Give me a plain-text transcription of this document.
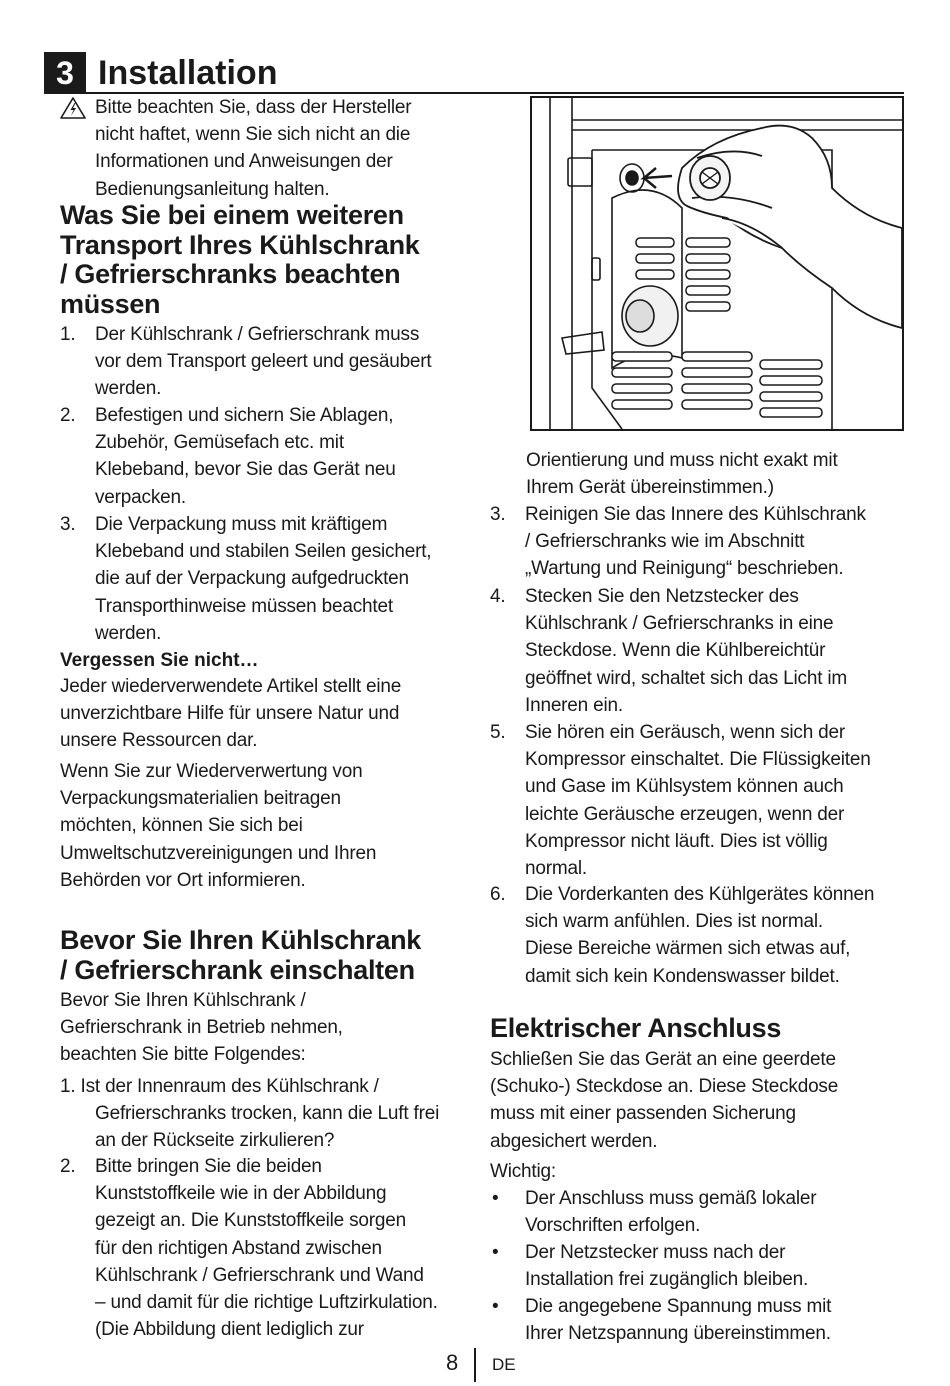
3 Installation
Bitte beachten Sie, dass der Hersteller
nicht haftet, wenn Sie sich nicht an die
Informationen und Anweisungen der
Bedienungsanleitung halten.
Was Sie bei einem weiteren
Transport Ihres Kühlschrank
/ Gefrierschranks beachten
müssen
1. Der Kühlschrank / Gefrierschrank muss
vor dem Transport geleert und gesäubert
werden.
2. Befestigen und sichern Sie Ablagen,
Zubehör, Gemüsefach etc. mit
Klebeband, bevor Sie das Gerät neu
verpacken.
3. Die Verpackung muss mit kräftigem
Klebeband und stabilen Seilen gesichert,
die auf der Verpackung aufgedruckten
Transporthinweise müssen beachtet
werden.
Vergessen Sie nicht…
Jeder wiederverwendete Artikel stellt eine
unverzichtbare Hilfe für unsere Natur und
unsere Ressourcen dar.
Wenn Sie zur Wiederverwertung von
Verpackungsmaterialien beitragen
möchten, können Sie sich bei
Umweltschutzvereinigungen und Ihren
Behörden vor Ort informieren.
Bevor Sie Ihren Kühlschrank
/ Gefrierschrank einschalten
Bevor Sie Ihren Kühlschrank /
Gefrierschrank in Betrieb nehmen,
beachten Sie bitte Folgendes:
1. Ist der Innenraum des Kühlschrank /
Gefrierschranks trocken, kann die Luft frei
an der Rückseite zirkulieren?
2. Bitte bringen Sie die beiden
Kunststoffkeile wie in der Abbildung
gezeigt an. Die Kunststoffkeile sorgen
für den richtigen Abstand zwischen
Kühlschrank / Gefrierschrank und Wand
– und damit für die richtige Luftzirkulation.
(Die Abbildung dient lediglich zur
Orientierung und muss nicht exakt mit
Ihrem Gerät übereinstimmen.)
3. Reinigen Sie das Innere des Kühlschrank
/ Gefrierschranks wie im Abschnitt
„Wartung und Reinigung“ beschrieben.
4. Stecken Sie den Netzstecker des
Kühlschrank / Gefrierschranks in eine
Steckdose. Wenn die Kühlbereichtür
geöffnet wird, schaltet sich das Licht im
Inneren ein.
5. Sie hören ein Geräusch, wenn sich der
Kompressor einschaltet. Die Flüssigkeiten
und Gase im Kühlsystem können auch
leichte Geräusche erzeugen, wenn der
Kompressor nicht läuft. Dies ist völlig
normal.
6. Die Vorderkanten des Kühlgerätes können
sich warm anfühlen. Dies ist normal.
Diese Bereiche wärmen sich etwas auf,
damit sich kein Kondenswasser bildet.
Elektrischer Anschluss
Schließen Sie das Gerät an eine geerdete
(Schuko-) Steckdose an. Diese Steckdose
muss mit einer passenden Sicherung
abgesichert werden.
Wichtig:
• Der Anschluss muss gemäß lokaler
Vorschriften erfolgen.
• Der Netzstecker muss nach der
Installation frei zugänglich bleiben.
• Die angegebene Spannung muss mit
Ihrer Netzspannung übereinstimmen.
8 DE
